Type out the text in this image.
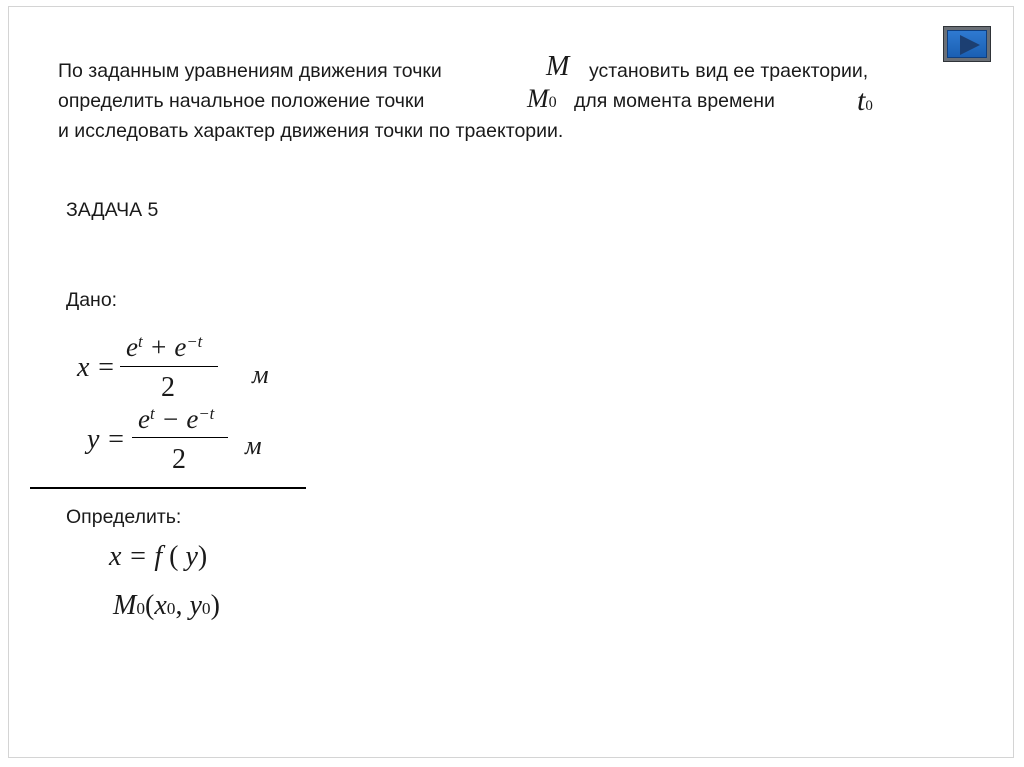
По заданным уравнениям движения точки	M установить вид ее траектории,
определить начальное положение точки	M0 для момента времени	t0
и исследовать характер движения точки по траектории.
ЗАДАЧА 5
Дано:
x =
$e^t + e^{-t}$
2	м
y =
$e^t - e^{-t}$
2 м
Определить:
x = f ( y)
M0(x0, y0)
